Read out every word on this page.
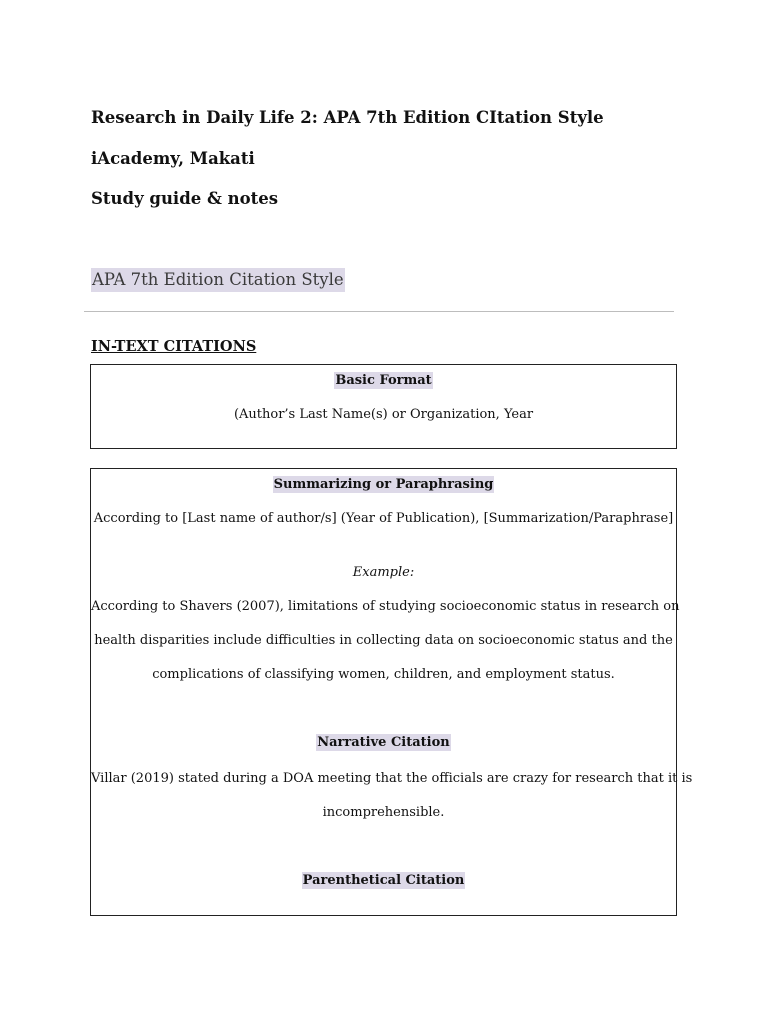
Research in Daily Life 2: APA 7th Edition CItation Style
iAcademy, Makati
Study guide & notes
APA 7th Edition Citation Style
IN-TEXT CITATIONS
Basic Format
(Author’s Last Name(s) or Organization, Year
Summarizing or Paraphrasing
According to [Last name of author/s] (Year of Publication), [Summarization/Paraphrase]
Example:
According to Shavers (2007), limitations of studying socioeconomic status in research on
health disparities include difficulties in collecting data on socioeconomic status and the
complications of classifying women, children, and employment status.
Narrative Citation
Villar (2019) stated during a DOA meeting that the officials are crazy for research that it is
incomprehensible.
Parenthetical Citation
